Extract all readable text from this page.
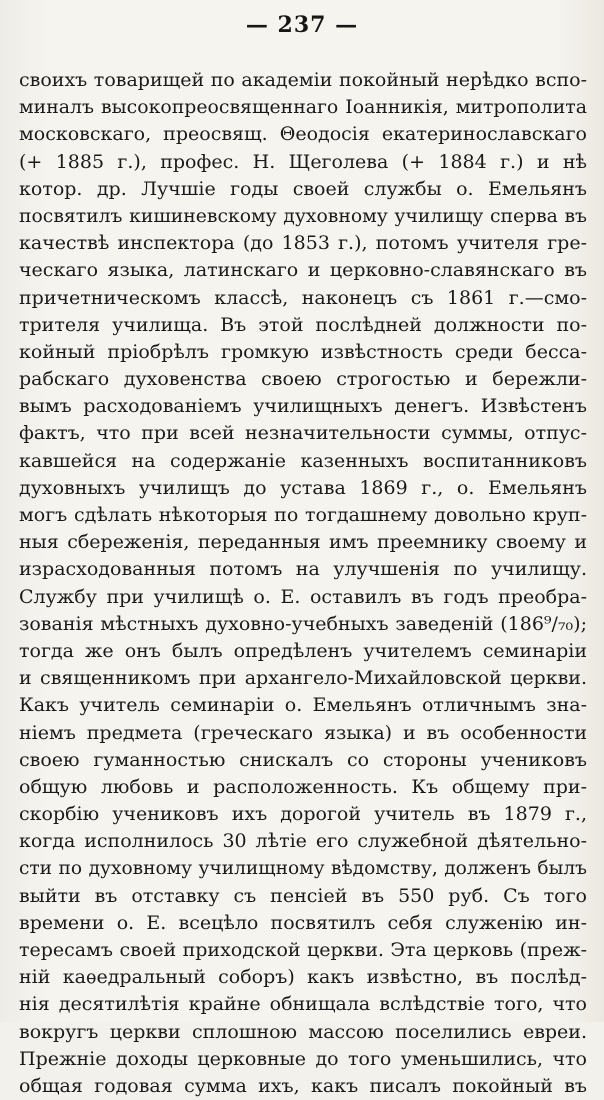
— 237 —
своихъ товарищей по академіи покойный нерѣдко вспо-
миналъ высокопреосвященнаго Іоанникія, митрополита
московскаго, преосвящ. Θеодосія екатеринославскаго
(+ 1885 г.), профес. Н. Щеголева (+ 1884 г.) и нѣ
котор. др. Лучшіе годы своей службы о. Емельянъ
посвятилъ кишиневскому духовному училищу сперва въ
качествѣ инспектора (до 1853 г.), потомъ учителя гре-
ческаго языка, латинскаго и церковно-славянскаго въ
причетническомъ классѣ, наконецъ съ 1861 г.—смо-
трителя училища. Въ этой послѣдней должности по-
койный пріобрѣлъ громкую извѣстность среди бесса-
рабскаго духовенства своею строгостью и бережли-
вымъ расходованіемъ училищныхъ денегъ. Извѣстенъ
фактъ, что при всей незначительности суммы, отпус-
кавшейся на содержаніе казенныхъ воспитанниковъ
духовныхъ училищъ до устава 1869 г., о. Емельянъ
могъ сдѣлать нѣкоторыя по тогдашнему довольно круп-
ныя сбереженія, переданныя имъ преемнику своему и
израсходованныя потомъ на улучшенія по училищу.
Службу при училищѣ о. Е. оставилъ въ годъ преобра-
зованія мѣстныхъ духовно-учебныхъ заведеній (186⁹/₇₀);
тогда же онъ былъ опредѣленъ учителемъ семинаріи
и священникомъ при архангело-Михайловской церкви.
Какъ учитель семинаріи о. Емельянъ отличнымъ зна-
ніемъ предмета (греческаго языка) и въ особенности
своею гуманностью снискалъ со стороны учениковъ
общую любовь и расположенность. Къ общему при-
скорбію учениковъ ихъ дорогой учитель въ 1879 г.,
когда исполнилось 30 лѣтіе его служебной дѣятельно-
сти по духовному училищному вѣдомству, долженъ былъ
выйти въ отставку съ пенсіей въ 550 руб. Съ того
времени о. Е. всецѣло посвятилъ себя служенію ин-
тересамъ своей приходской церкви. Эта церковь (преж-
ній каѳедральный соборъ) какъ извѣстно, въ послѣд-
нія десятилѣтія крайне обнищала вслѣдствіе того, что
вокругъ церкви сплошною массою поселились евреи.
Прежніе доходы церковные до того уменьшились, что
общая годовая сумма ихъ, какъ писалъ покойный въ
